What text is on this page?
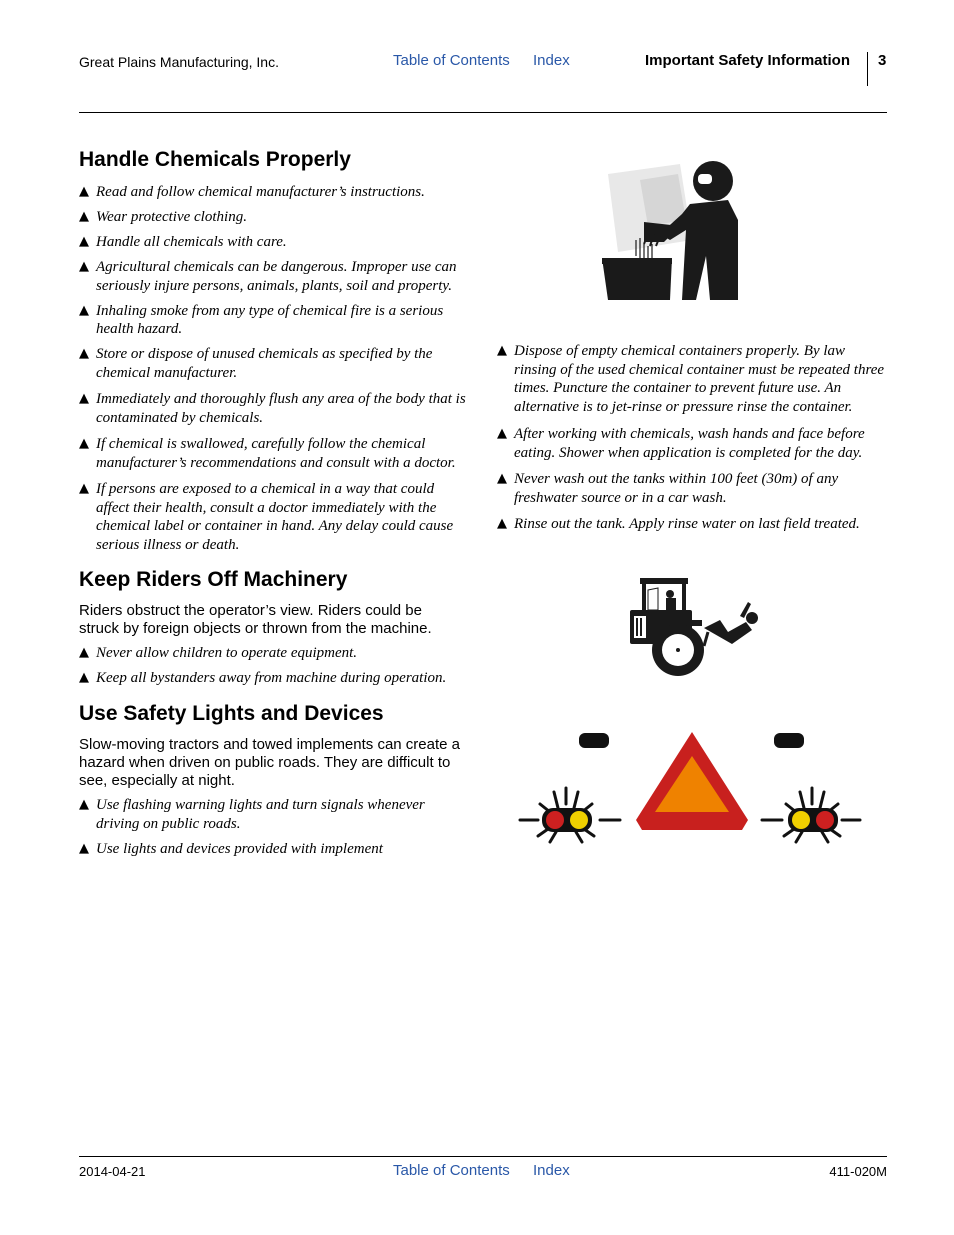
Great Plains Manufacturing, Inc.	Table of Contents Index	Important Safety Information 3
Handle Chemicals Properly
▲ Read and follow chemical manufacturer’s instructions.
▲ Wear protective clothing.
▲ Handle all chemicals with care.
▲ Agricultural chemicals can be dangerous. Improper use can seriously injure persons, animals, plants, soil and property.
▲ Inhaling smoke from any type of chemical fire is a serious health hazard.
▲ Store or dispose of unused chemicals as specified by the chemical manufacturer.
▲ Immediately and thoroughly flush any area of the body that is contaminated by chemicals.
▲ If chemical is swallowed, carefully follow the chemical manufacturer’s recommendations and consult with a doctor.
▲ If persons are exposed to a chemical in a way that could affect their health, consult a doctor immediately with the chemical label or container in hand. Any delay could cause serious illness or death.
▲ Dispose of empty chemical containers properly. By law rinsing of the used chemical container must be repeated three times. Puncture the container to prevent future use. An alternative is to jet-rinse or pressure rinse the container.
▲ After working with chemicals, wash hands and face before eating. Shower when application is completed for the day.
▲ Never wash out the tanks within 100 feet (30m) of any freshwater source or in a car wash.
▲ Rinse out the tank. Apply rinse water on last field treated.
Keep Riders Off Machinery
Riders obstruct the operator’s view. Riders could be struck by foreign objects or thrown from the machine.
▲ Never allow children to operate equipment.
▲ Keep all bystanders away from machine during operation.
Use Safety Lights and Devices
Slow-moving tractors and towed implements can create a hazard when driven on public roads. They are difficult to see, especially at night.
▲ Use flashing warning lights and turn signals whenever driving on public roads.
▲ Use lights and devices provided with implement
2014-04-21	Table of Contents Index	411-020M
